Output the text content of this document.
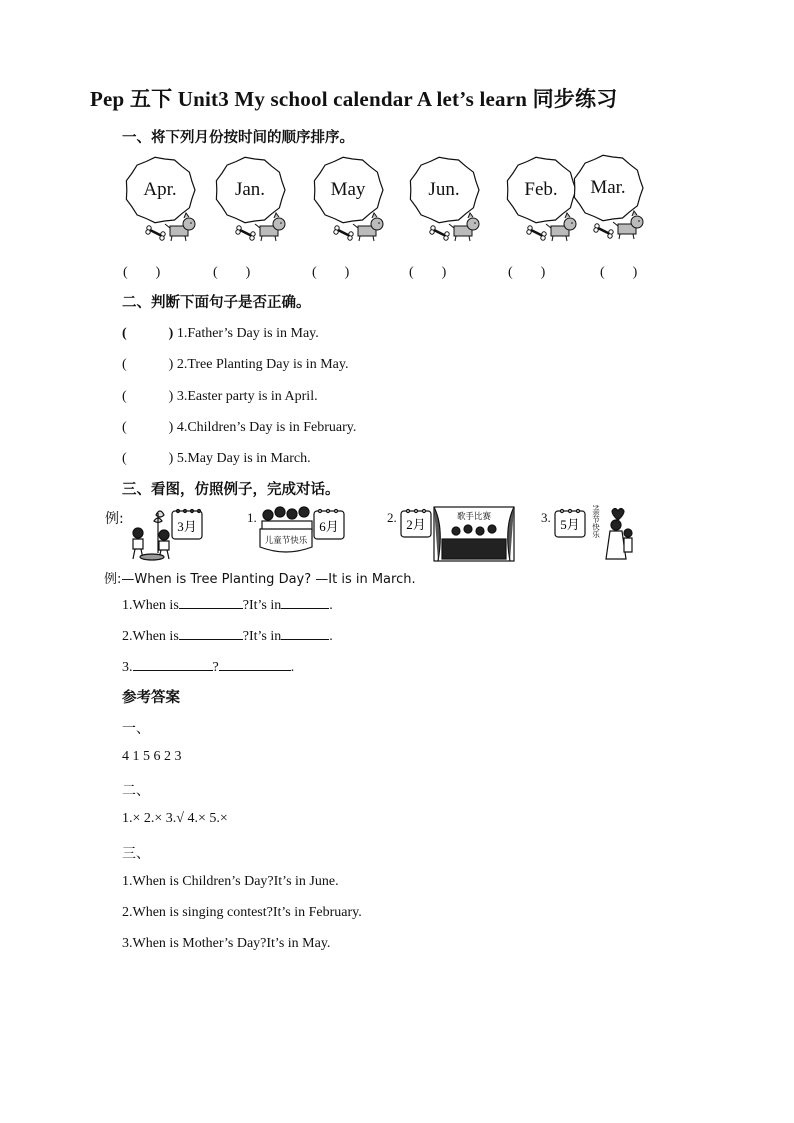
Pep 五下 Unit3 My school calendar A let’s learn 同步练习
一、将下列月份按时间的顺序排序。
Apr.	Jan.	May	Jun.	Feb.	Mar.
(　　)	(　　)	(　　)	(　　)	(　　)	(　　)
二、判断下面句子是否正确。
(　　　) 1.Father’s Day is in May.
(　　　) 2.Tree Planting Day is in May.
(　　　) 3.Easter party is in April.
(　　　) 4.Children’s Day is in February.
(　　　) 5.May Day is in March.
三、看图，仿照例子，完成对话。
例:	3月
1.
儿童节快乐
6月
2.	歌手比赛
2月	3. 5月 母亲节快乐
例:—When is Tree Planting Day? —It is in March.
1.When is	?It’s in	.
2.When is	?It’s in	.
3.	?	.
参考答案
一、
4 1 5 6 2 3
二、
1.× 2.× 3.√ 4.× 5.×
三、
1.When is Children’s Day?It’s in June.
2.When is singing contest?It’s in February.
3.When is Mother’s Day?It’s in May.
